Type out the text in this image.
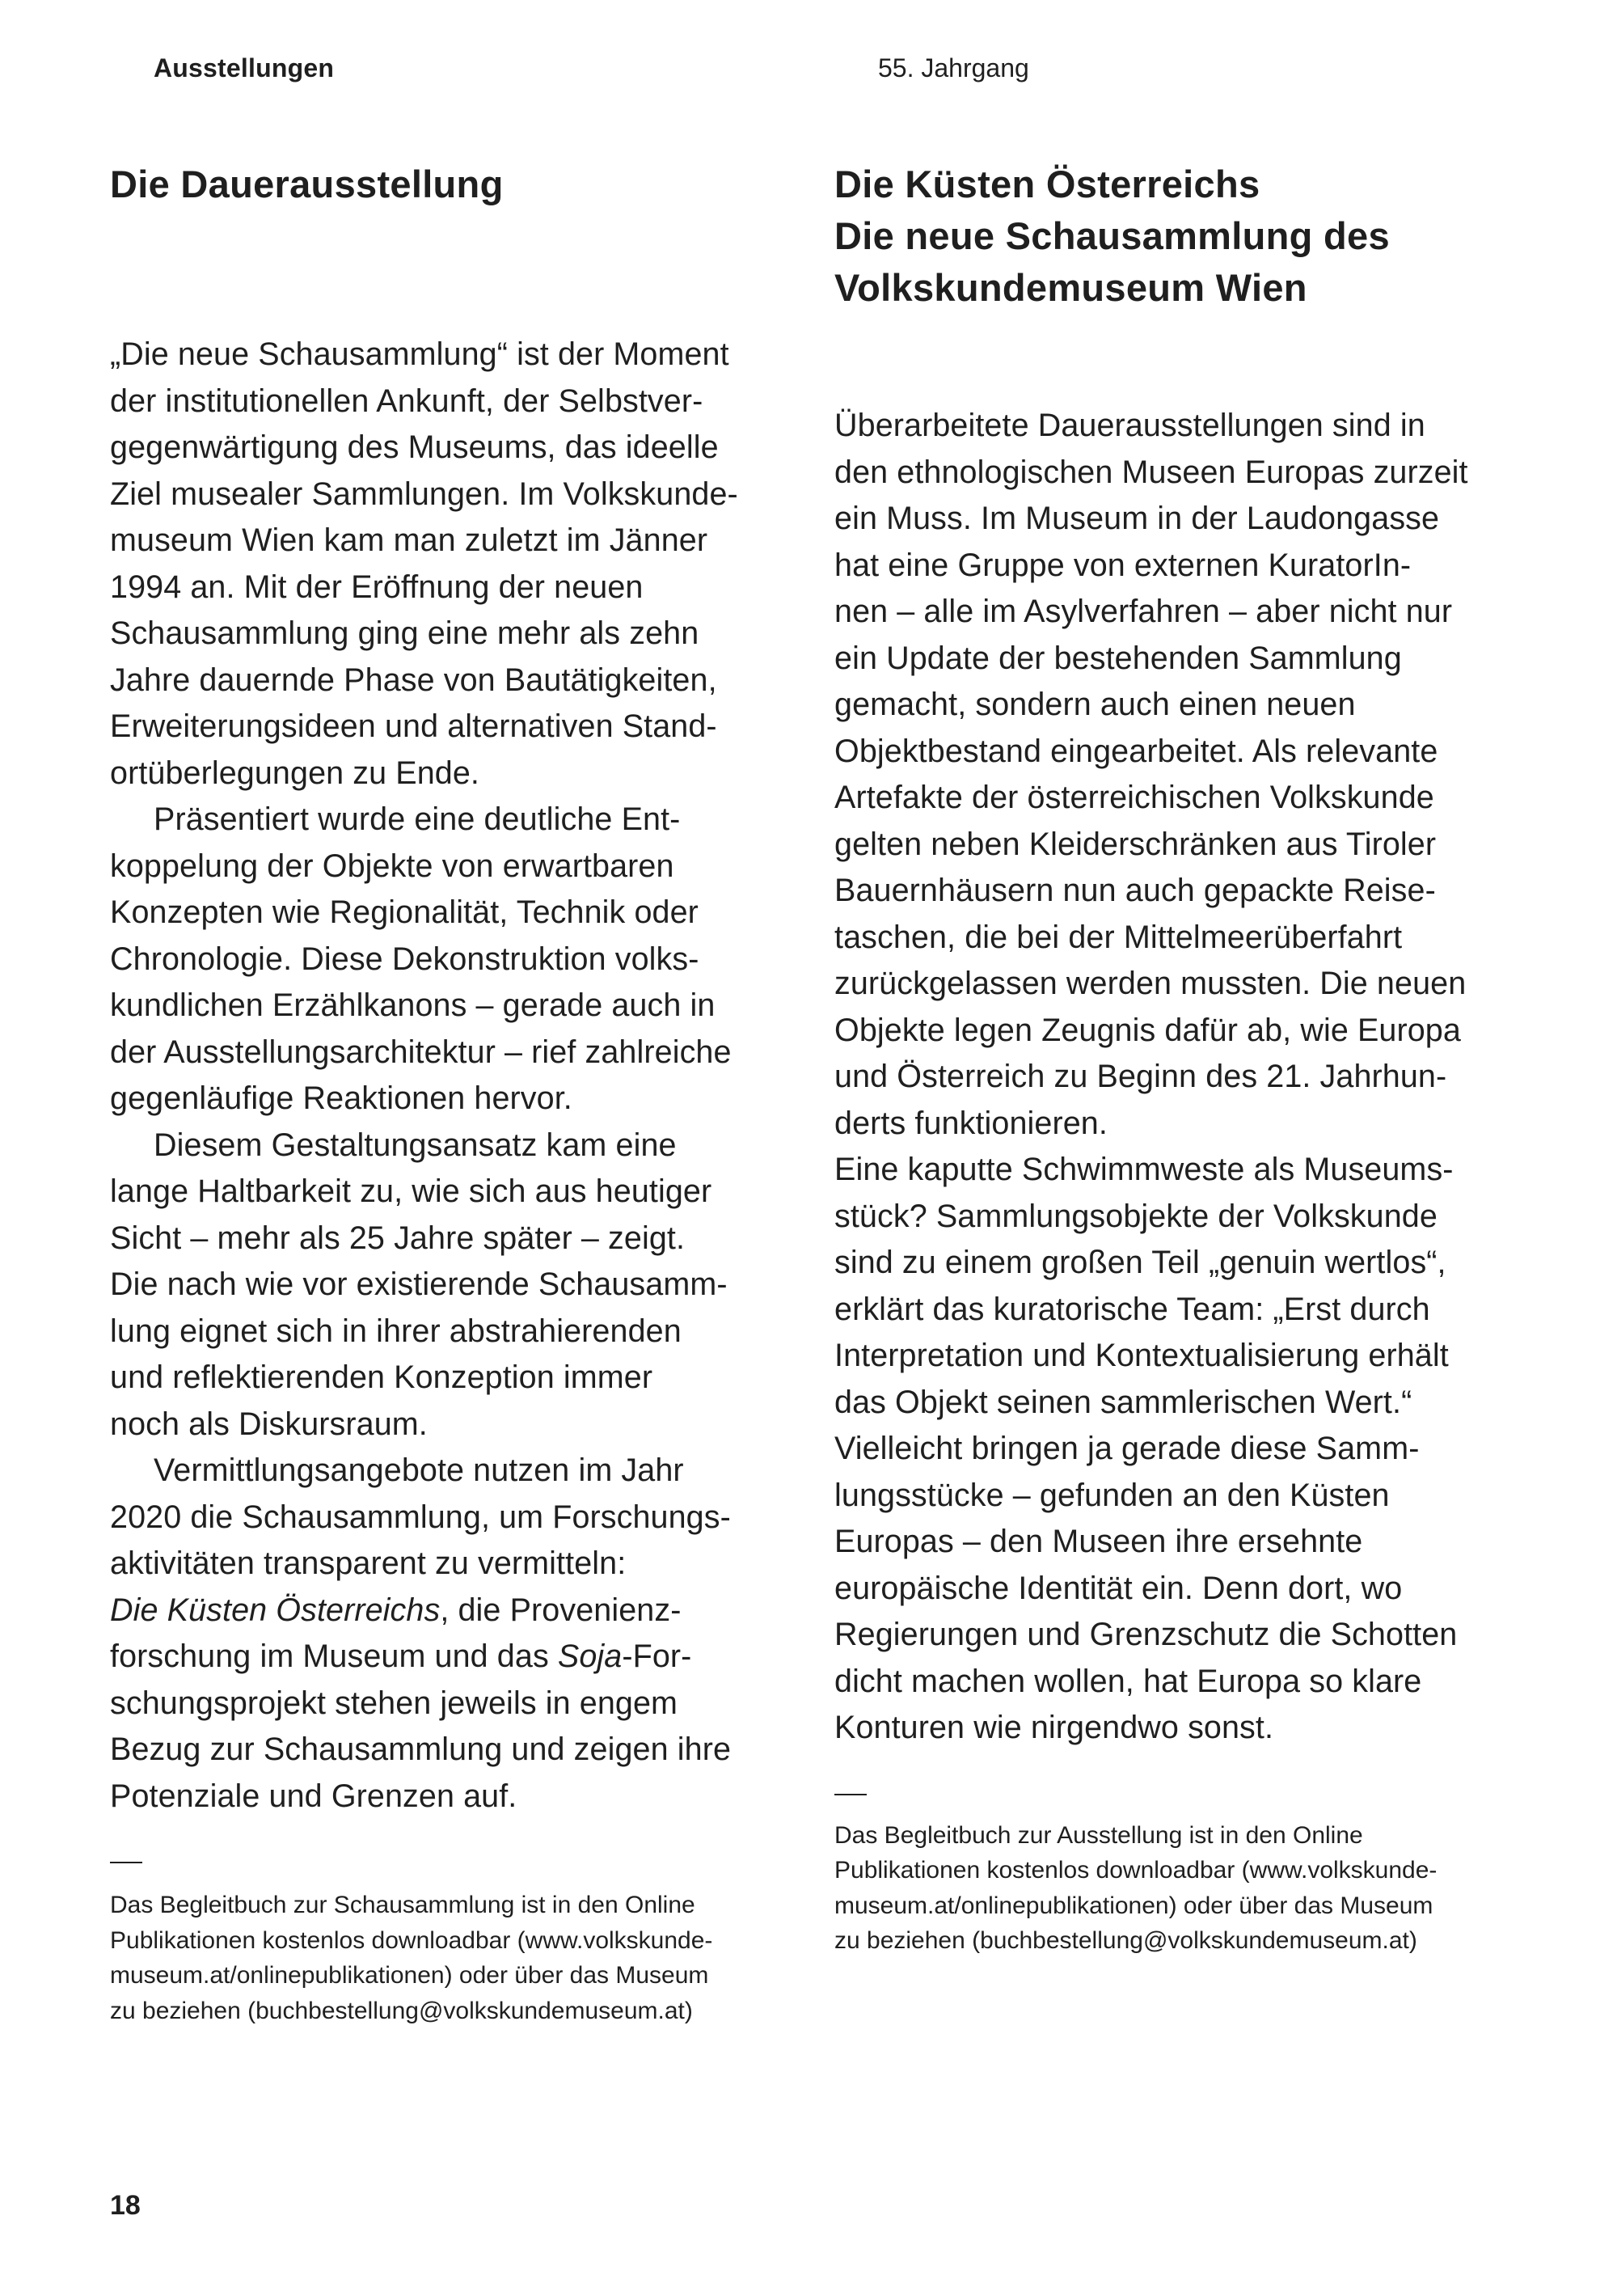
Ausstellungen	55. Jahrgang
Die Dauerausstellung

„Die neue Schausammlung“ ist der Moment
der institutionellen Ankunft, der Selbstver-
gegenwärtigung des Museums, das ideelle
Ziel musealer Sammlungen. Im Volkskunde-
museum Wien kam man zuletzt im Jänner
1994 an. Mit der Eröffnung der neuen
Schausammlung ging eine mehr als zehn
Jahre dauernde Phase von Bautätigkeiten,
Erweiterungsideen und alternativen Stand-
ortüberlegungen zu Ende.

Präsentiert wurde eine deutliche Ent-
koppelung der Objekte von erwartbaren
Konzepten wie Regionalität, Technik oder
Chronologie. Diese Dekonstruktion volks-
kundlichen Erzählkanons – gerade auch in
der Ausstellungsarchitektur – rief zahlreiche
gegenläufige Reaktionen hervor.

Diesem Gestaltungsansatz kam eine
lange Haltbarkeit zu, wie sich aus heutiger
Sicht – mehr als 25 Jahre später – zeigt.
Die nach wie vor existierende Schausamm-
lung eignet sich in ihrer abstrahierenden
und reflektierenden Konzeption immer
noch als Diskursraum.

Vermittlungsangebote nutzen im Jahr
2020 die Schausammlung, um Forschungs-
aktivitäten transparent zu vermitteln:
Die Küsten Österreichs, die Provenienz-
forschung im Museum und das Soja-For-
schungsprojekt stehen jeweils in engem
Bezug zur Schausammlung und zeigen ihre
Potenziale und Grenzen auf.

Das Begleitbuch zur Schausammlung ist in den Online
Publikationen kostenlos downloadbar (www.volkskunde-
museum.at/onlinepublikationen) oder über das Museum
zu beziehen (buchbestellung@volkskundemuseum.at)

Die Küsten Österreichs
Die neue Schausammlung des
Volkskundemuseum Wien

Überarbeitete Dauerausstellungen sind in
den ethnologischen Museen Europas zurzeit
ein Muss. Im Museum in der Laudongasse
hat eine Gruppe von externen KuratorIn-
nen – alle im Asylverfahren – aber nicht nur
ein Update der bestehenden Sammlung
gemacht, sondern auch einen neuen
Objektbestand eingearbeitet. Als relevante
Artefakte der österreichischen Volkskunde
gelten neben Kleiderschränken aus Tiroler
Bauernhäusern nun auch gepackte Reise-
taschen, die bei der Mittelmeerüberfahrt
zurückgelassen werden mussten. Die neuen
Objekte legen Zeugnis dafür ab, wie Europa
und Österreich zu Beginn des 21. Jahrhun-
derts funktionieren.

Eine kaputte Schwimmweste als Museums-
stück? Sammlungsobjekte der Volkskunde
sind zu einem großen Teil „genuin wertlos“,
erklärt das kuratorische Team: „Erst durch
Interpretation und Kontextualisierung erhält
das Objekt seinen sammlerischen Wert.“
Vielleicht bringen ja gerade diese Samm-
lungsstücke – gefunden an den Küsten
Europas – den Museen ihre ersehnte
europäische Identität ein. Denn dort, wo
Regierungen und Grenzschutz die Schotten
dicht machen wollen, hat Europa so klare
Konturen wie nirgendwo sonst.

Das Begleitbuch zur Ausstellung ist in den Online
Publikationen kostenlos downloadbar (www.volkskunde-
museum.at/onlinepublikationen) oder über das Museum
zu beziehen (buchbestellung@volkskundemuseum.at)

18
